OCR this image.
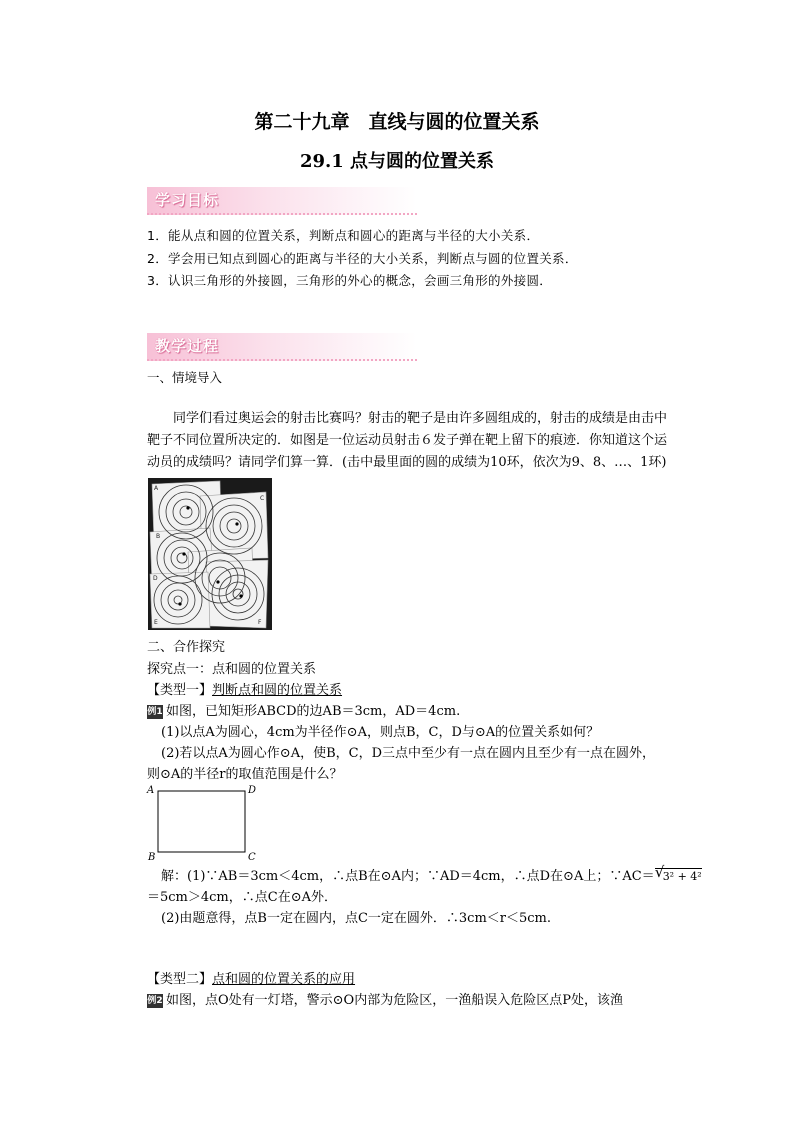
第二十九章　直线与圆的位置关系
29.1 点与圆的位置关系
学习目标
1．能从点和圆的位置关系，判断点和圆心的距离与半径的大小关系．
2．学会用已知点到圆心的距离与半径的大小关系，判断点与圆的位置关系．
3．认识三角形的外接圆，三角形的外心的概念，会画三角形的外接圆．
教学过程
一、情境导入
同学们看过奥运会的射击比赛吗？射击的靶子是由许多圆组成的，射击的成绩是由击中靶子不同位置所决定的．如图是一位运动员射击６发子弹在靶上留下的痕迹．你知道这个运动员的成绩吗？请同学们算一算．(击中最里面的圆的成绩为10环，依次为9、8、…、1环)
A
B
C
D
E	F
二、合作探究
探究点一：点和圆的位置关系
【类型一】判断点和圆的位置关系
例1 如图，已知矩形ABCD的边AB＝3cm，AD＝4cm.
(1)以点A为圆心，4cm为半径作⊙A，则点B，C，D与⊙A的位置关系如何？
(2)若以点A为圆心作⊙A，使B，C，D三点中至少有一点在圆内且至少有一点在圆外，
则⊙A的半径r的取值范围是什么？
A	D
B	C
解：(1)∵AB＝3cm＜4cm，∴点B在⊙A内；∵AD＝4cm，∴点D在⊙A上；∵AC＝ √
3² + 4²
＝5cm＞4cm，∴点C在⊙A外．
(2)由题意得，点B一定在圆内，点C一定在圆外．∴3cm＜r＜5cm.
【类型二】点和圆的位置关系的应用
例2 如图，点O处有一灯塔，警示⊙O内部为危险区，一渔船误入危险区点P处，该渔
